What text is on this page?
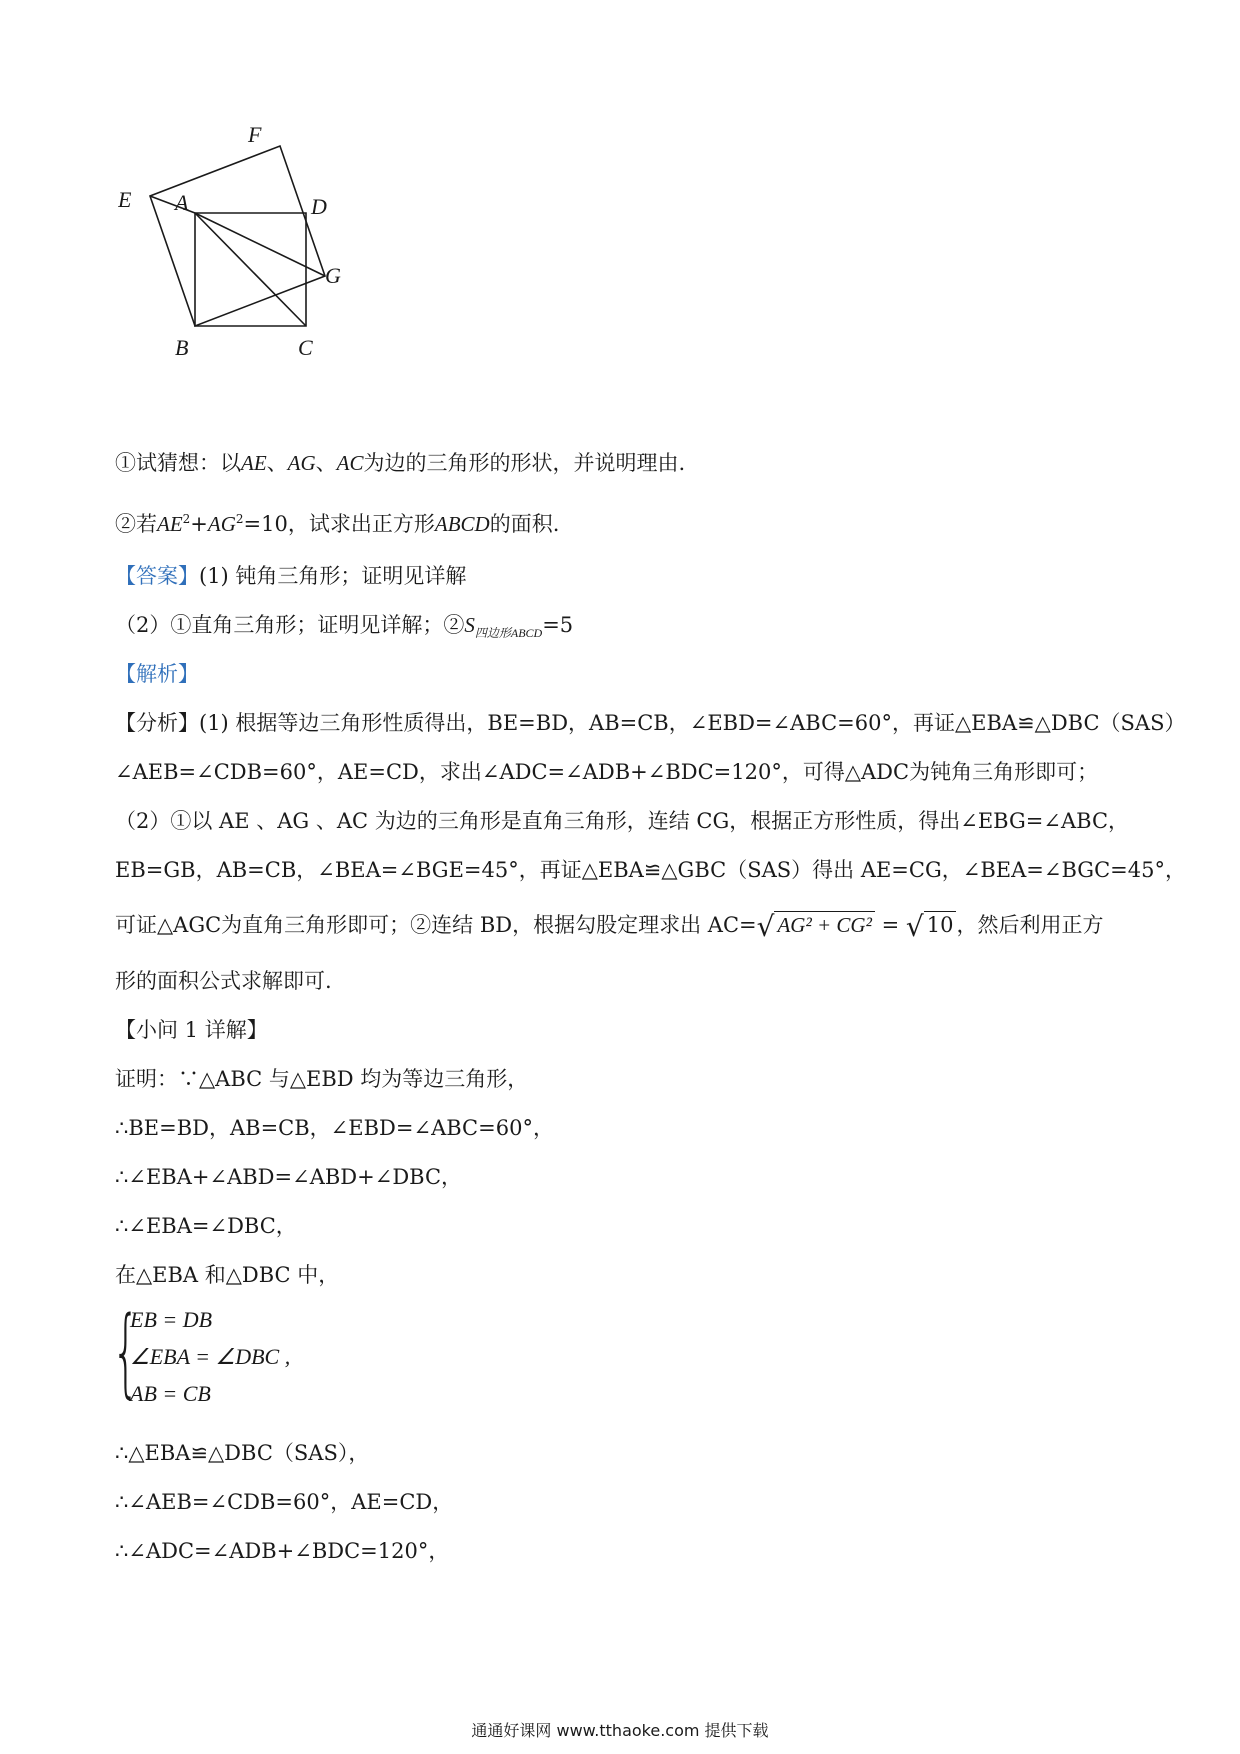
F
E A	D
G
B	C
①试猜想：以AE、AG、AC为边的三角形的形状，并说明理由.
②若$AE^2+AG^2=10$，试求出正方形ABCD的面积.
【答案】(1) 钝角三角形；证明见详解
（2）①直角三角形；证明见详解；$②S_{四边形ABCD}=5$
【解析】
【分析】(1) 根据等边三角形性质得出，BE=BD，AB=CB，∠EBD=∠ABC=60°，再证△EBA≌△DBC（SAS）
∠AEB=∠CDB=60°，AE=CD，求出∠ADC=∠ADB+∠BDC=120°，可得△ADC为钝角三角形即可；
（2）①以 AE 、AG 、AC 为边的三角形是直角三角形，连结 CG，根据正方形性质，得出∠EBG=∠ABC，
EB=GB，AB=CB，∠BEA=∠BGE=45°，再证△EBA≌△GBC（SAS）得出 AE=CG，∠BEA=∠BGC=45°，
可证△AGC为直角三角形即可；②连结 BD，根据勾股定理求出 AC=√ AG² + CG² = √ 10 ，然后利用正方
形的面积公式求解即可.
【小问 1 详解】
证明：∵△ABC 与△EBD 均为等边三角形，
∴BE=BD，AB=CB，∠EBD=∠ABC=60°，
∴∠EBA+∠ABD=∠ABD+∠DBC，
∴∠EBA=∠DBC，
在△EBA 和△DBC 中，
{
EB = DB
∠EBA = ∠DBC ,
AB = CB
∴△EBA≌△DBC（SAS），
∴∠AEB=∠CDB=60°，AE=CD，
∴∠ADC=∠ADB+∠BDC=120°，
通通好课网 www.tthaoke.com 提供下载
